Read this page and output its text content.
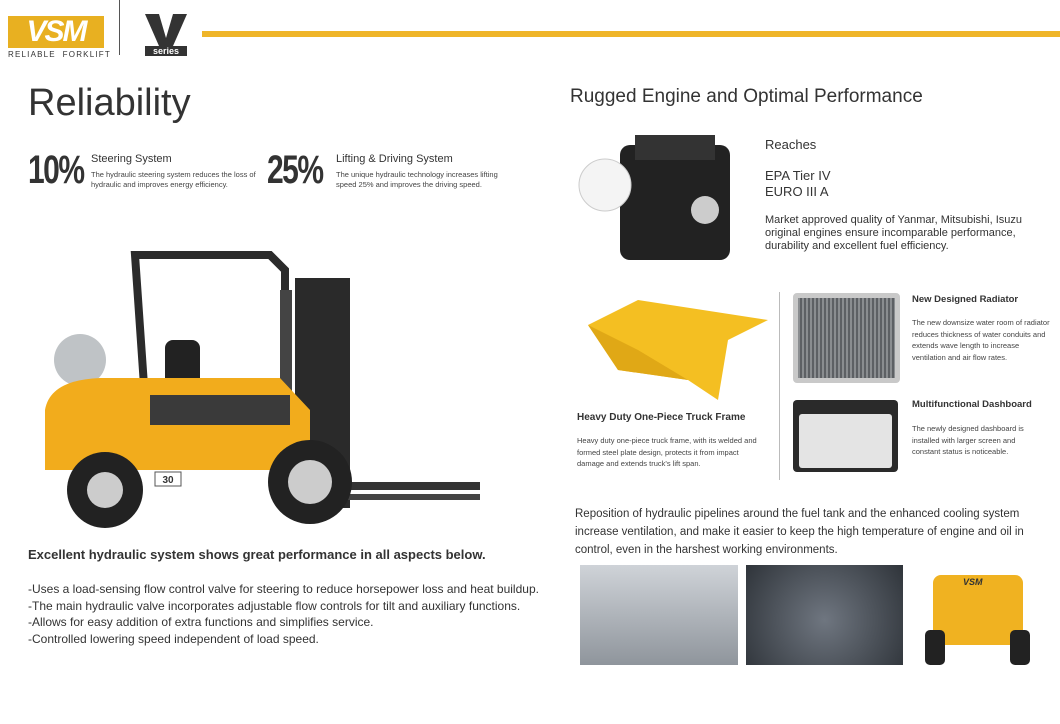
VSM
RELIABLE  FORKLIFT	series
Reliability
10% Steering System
The hydraulic steering system reduces the loss of hydraulic and improves energy efficiency. 25% Lifting & Driving System
The unique hydraulic technology increases lifting speed 25% and improves the driving speed.
30
Excellent hydraulic system shows great performance in all aspects below.
-Uses a load-sensing flow control valve for steering to reduce horsepower loss and heat buildup.
-The main hydraulic valve incorporates adjustable flow controls for tilt and auxiliary functions.
-Allows for easy addition of extra functions and simplifies service.
-Controlled lowering speed independent of load speed.
Rugged Engine and Optimal Performance
Reaches
EPA Tier IV
EURO III A
Market approved quality of Yanmar, Mitsubishi, Isuzu original engines ensure incomparable performance, durability and excellent fuel efficiency.
Heavy Duty One-Piece Truck Frame
Heavy duty one-piece truck frame, with its welded and formed steel plate design, protects it from impact damage and extends truck's lift span.
New Designed Radiator
The new downsize water room of radiator reduces thickness of water conduits and extends wave length to increase ventilation and air flow rates.
Multifunctional Dashboard
The newly designed dashboard is installed with larger screen and constant status is noticeable.
Reposition of hydraulic pipelines around the fuel tank and the enhanced cooling system increase ventilation, and make it easier to keep the high temperature of engine and oil in control, even in the harshest working environments.
VSM
